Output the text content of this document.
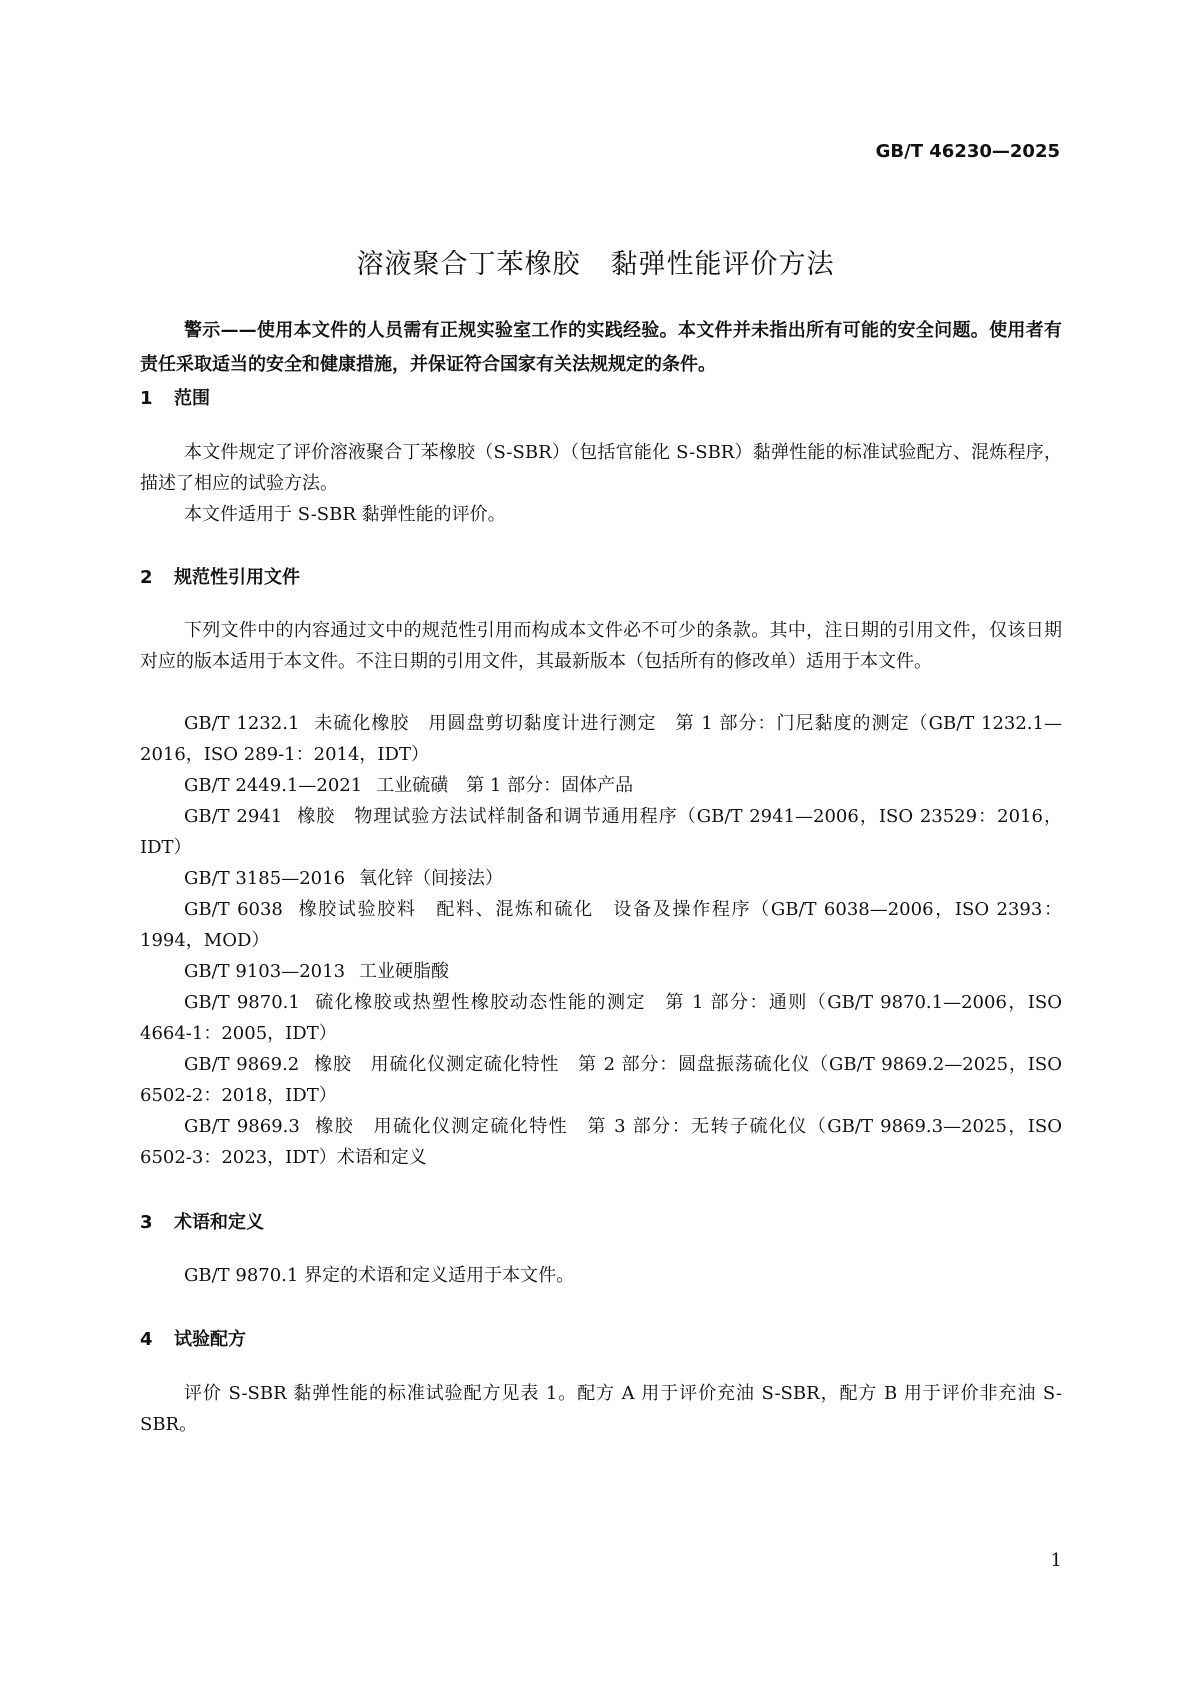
GB/T 46230—2025
溶液聚合丁苯橡胶 黏弹性能评价方法
警示——使用本文件的人员需有正规实验室工作的实践经验。本文件并未指出所有可能的安全问题。使用者有责任采取适当的安全和健康措施，并保证符合国家有关法规规定的条件。
1 范围
本文件规定了评价溶液聚合丁苯橡胶（S-SBR）（包括官能化 S-SBR）黏弹性能的标准试验配方、混炼程序，描述了相应的试验方法。
本文件适用于 S-SBR 黏弹性能的评价。
2 规范性引用文件
下列文件中的内容通过文中的规范性引用而构成本文件必不可少的条款。其中，注日期的引用文件，仅该日期对应的版本适用于本文件。不注日期的引用文件，其最新版本（包括所有的修改单）适用于本文件。
GB/T 1232.1 未硫化橡胶　用圆盘剪切黏度计进行测定　第 1 部分：门尼黏度的测定（GB/T 1232.1—2016，ISO 289-1：2014，IDT）
GB/T 2449.1—2021 工业硫磺　第 1 部分：固体产品
GB/T 2941 橡胶　物理试验方法试样制备和调节通用程序（GB/T 2941—2006，ISO 23529：2016，IDT）
GB/T 3185—2016 氧化锌（间接法）
GB/T 6038 橡胶试验胶料　配料、混炼和硫化　设备及操作程序（GB/T 6038—2006，ISO 2393：1994，MOD）
GB/T 9103—2013 工业硬脂酸
GB/T 9870.1 硫化橡胶或热塑性橡胶动态性能的测定　第 1 部分：通则（GB/T 9870.1—2006，ISO 4664-1：2005，IDT）
GB/T 9869.2 橡胶　用硫化仪测定硫化特性　第 2 部分：圆盘振荡硫化仪（GB/T 9869.2—2025，ISO 6502-2：2018，IDT）
GB/T 9869.3 橡胶　用硫化仪测定硫化特性　第 3 部分：无转子硫化仪（GB/T 9869.3—2025，ISO 6502-3：2023，IDT）术语和定义
3 术语和定义
GB/T 9870.1 界定的术语和定义适用于本文件。
4 试验配方
评价 S-SBR 黏弹性能的标准试验配方见表 1。配方 A 用于评价充油 S-SBR，配方 B 用于评价非充油 S-SBR。
1
